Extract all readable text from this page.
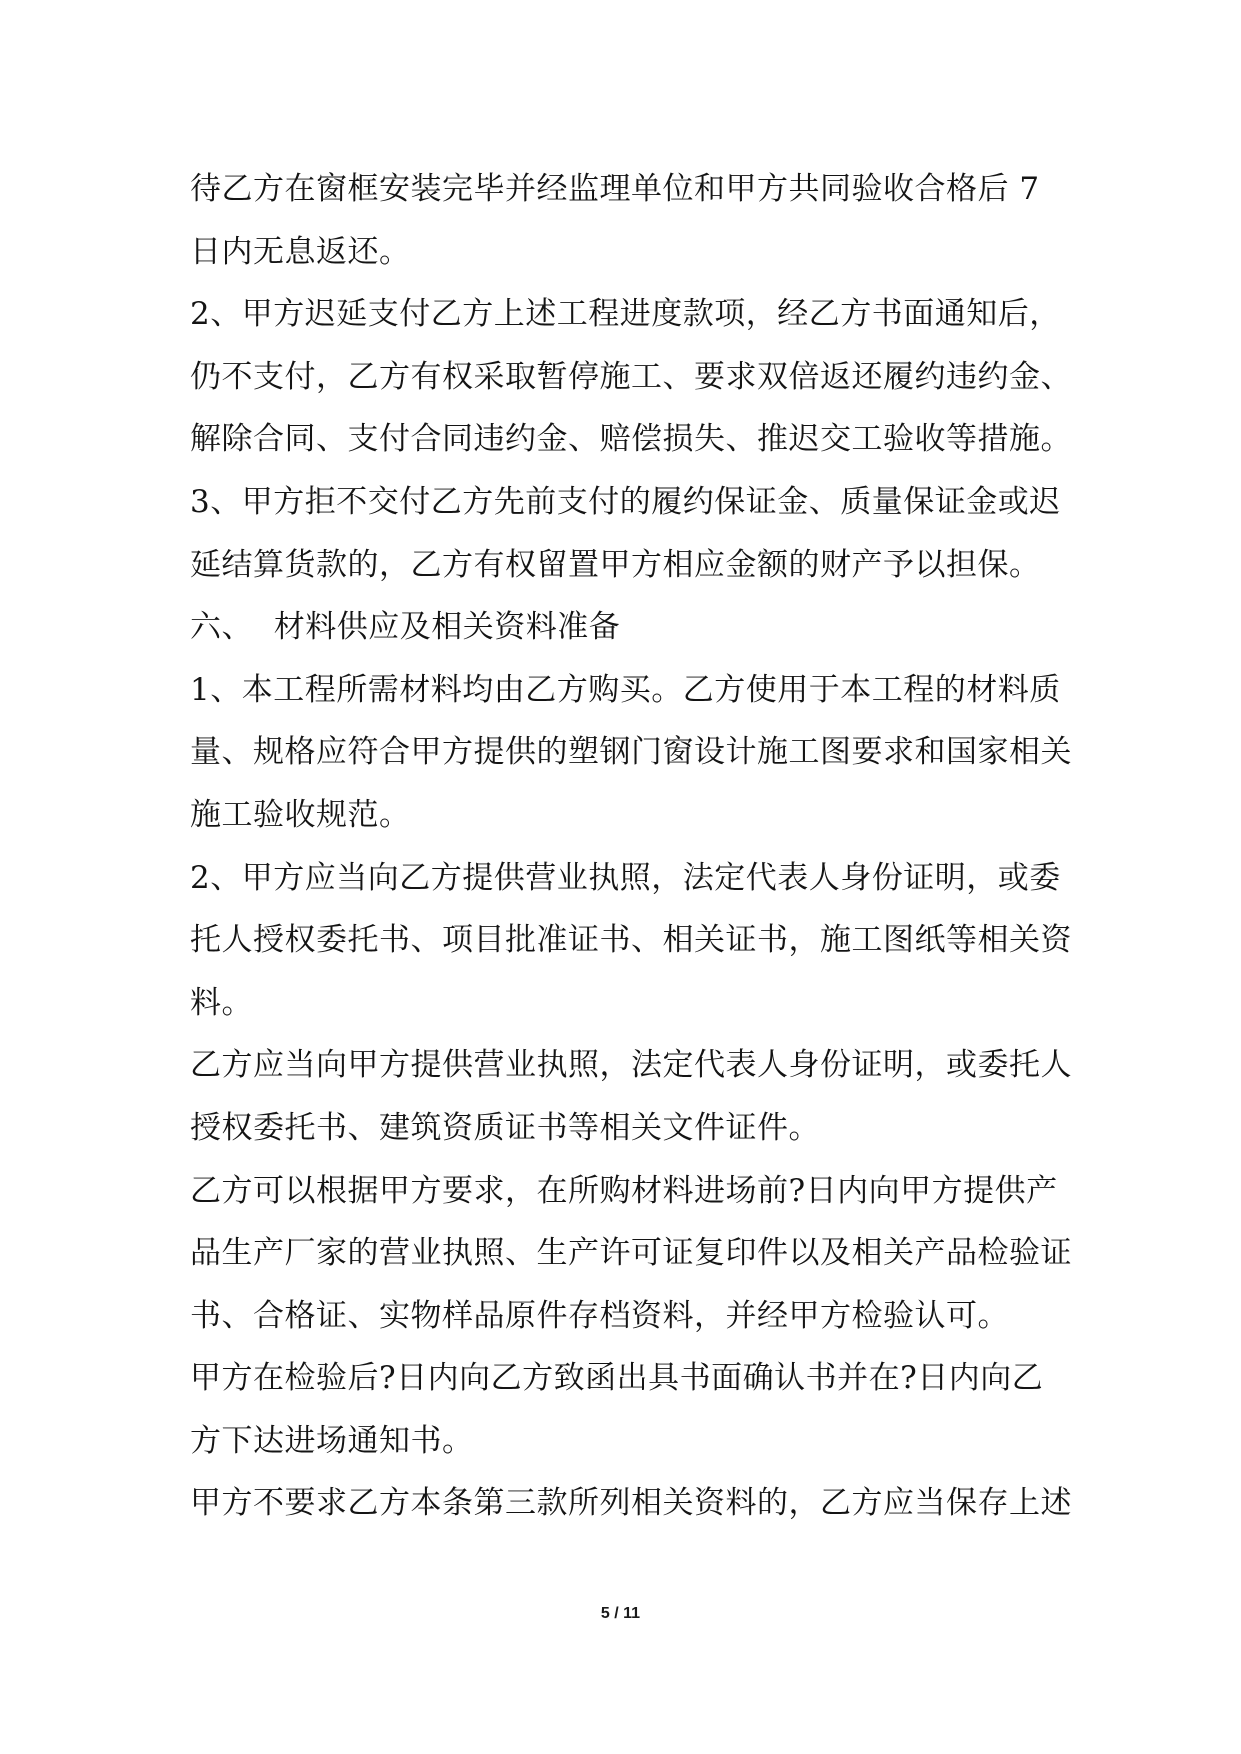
待乙方在窗框安装完毕并经监理单位和甲方共同验收合格后 7
日内无息返还。
2、甲方迟延支付乙方上述工程进度款项，经乙方书面通知后，
仍不支付，乙方有权采取暂停施工、要求双倍返还履约违约金、
解除合同、支付合同违约金、赔偿损失、推迟交工验收等措施。
3、甲方拒不交付乙方先前支付的履约保证金、质量保证金或迟
延结算货款的，乙方有权留置甲方相应金额的财产予以担保。
六、  材料供应及相关资料准备
1、本工程所需材料均由乙方购买。乙方使用于本工程的材料质
量、规格应符合甲方提供的塑钢门窗设计施工图要求和国家相关
施工验收规范。
2、甲方应当向乙方提供营业执照，法定代表人身份证明，或委
托人授权委托书、项目批准证书、相关证书，施工图纸等相关资
料。
乙方应当向甲方提供营业执照，法定代表人身份证明，或委托人
授权委托书、建筑资质证书等相关文件证件。
乙方可以根据甲方要求，在所购材料进场前?日内向甲方提供产
品生产厂家的营业执照、生产许可证复印件以及相关产品检验证
书、合格证、实物样品原件存档资料，并经甲方检验认可。
甲方在检验后?日内向乙方致函出具书面确认书并在?日内向乙
方下达进场通知书。
甲方不要求乙方本条第三款所列相关资料的，乙方应当保存上述
5 / 11
